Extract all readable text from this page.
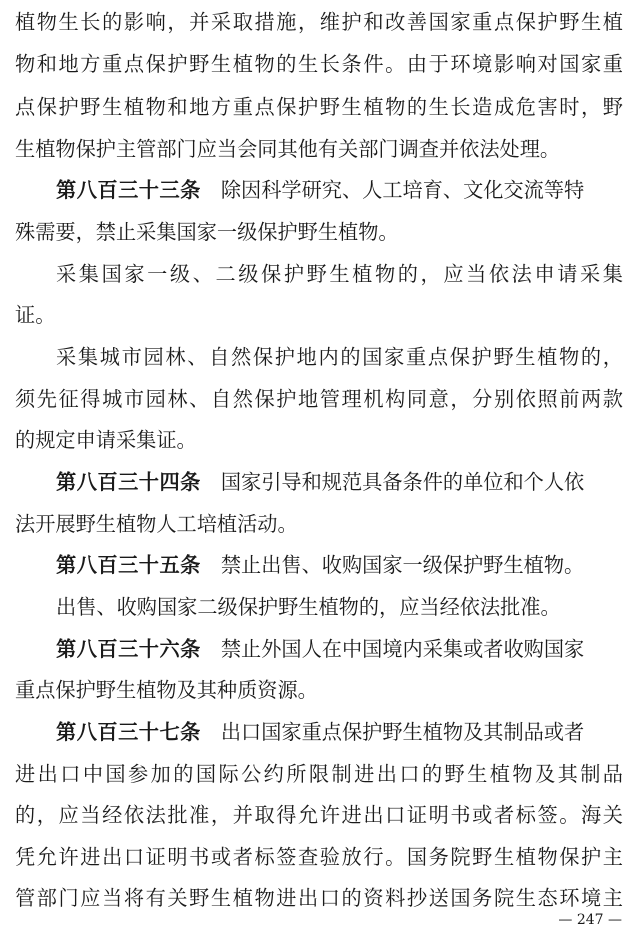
植物生长的影响，并采取措施，维护和改善国家重点保护野生植
物和地方重点保护野生植物的生长条件。由于环境影响对国家重
点保护野生植物和地方重点保护野生植物的生长造成危害时，野
生植物保护主管部门应当会同其他有关部门调查并依法处理。
第八百三十三条 除因科学研究、人工培育、文化交流等特
殊需要，禁止采集国家一级保护野生植物。
采集国家一级、二级保护野生植物的，应当依法申请采集
证。
采集城市园林、自然保护地内的国家重点保护野生植物的，
须先征得城市园林、自然保护地管理机构同意，分别依照前两款
的规定申请采集证。
第八百三十四条 国家引导和规范具备条件的单位和个人依
法开展野生植物人工培植活动。
第八百三十五条 禁止出售、收购国家一级保护野生植物。
出售、收购国家二级保护野生植物的，应当经依法批准。
第八百三十六条 禁止外国人在中国境内采集或者收购国家
重点保护野生植物及其种质资源。
第八百三十七条 出口国家重点保护野生植物及其制品或者
进出口中国参加的国际公约所限制进出口的野生植物及其制品
的，应当经依法批准，并取得允许进出口证明书或者标签。海关
凭允许进出口证明书或者标签查验放行。国务院野生植物保护主
管部门应当将有关野生植物进出口的资料抄送国务院生态环境主
— 247 —
